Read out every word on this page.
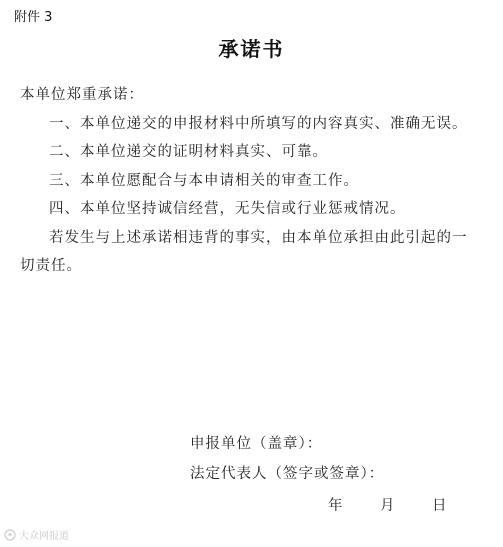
附件 3
承诺书

本单位郑重承诺：

一、本单位递交的申报材料中所填写的内容真实、准确无误。

二、本单位递交的证明材料真实、可靠。

三、本单位愿配合与本申请相关的审查工作。

四、本单位坚持诚信经营，无失信或行业惩戒情况。

若发生与上述承诺相违背的事实，由本单位承担由此引起的一切责任。

申报单位（盖章）：
法定代表人（签字或签章）：
年	月	日
大众网报道
